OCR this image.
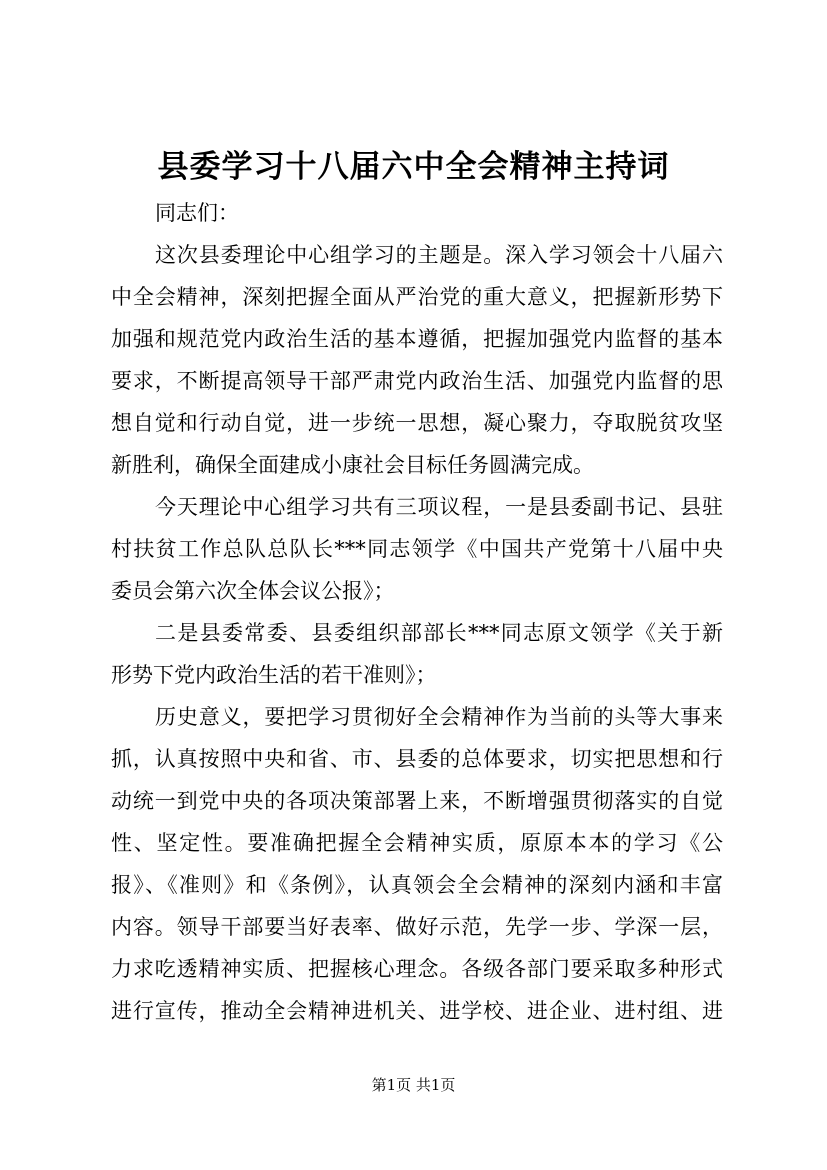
县委学习十八届六中全会精神主持词
同志们：
这次县委理论中心组学习的主题是。深入学习领会十八届六
中全会精神，深刻把握全面从严治党的重大意义，把握新形势下
加强和规范党内政治生活的基本遵循，把握加强党内监督的基本
要求，不断提高领导干部严肃党内政治生活、加强党内监督的思
想自觉和行动自觉，进一步统一思想，凝心聚力，夺取脱贫攻坚
新胜利，确保全面建成小康社会目标任务圆满完成。
今天理论中心组学习共有三项议程，一是县委副书记、县驻
村扶贫工作总队总队长***同志领学《中国共产党第十八届中央
委员会第六次全体会议公报》；
二是县委常委、县委组织部部长***同志原文领学《关于新
形势下党内政治生活的若干准则》；
历史意义，要把学习贯彻好全会精神作为当前的头等大事来
抓，认真按照中央和省、市、县委的总体要求，切实把思想和行
动统一到党中央的各项决策部署上来，不断增强贯彻落实的自觉
性、坚定性。要准确把握全会精神实质，原原本本的学习《公
报》、《准则》和《条例》，认真领会全会精神的深刻内涵和丰富
内容。领导干部要当好表率、做好示范，先学一步、学深一层，
力求吃透精神实质、把握核心理念。各级各部门要采取多种形式
进行宣传，推动全会精神进机关、进学校、进企业、进村组、进
第1页 共1页
